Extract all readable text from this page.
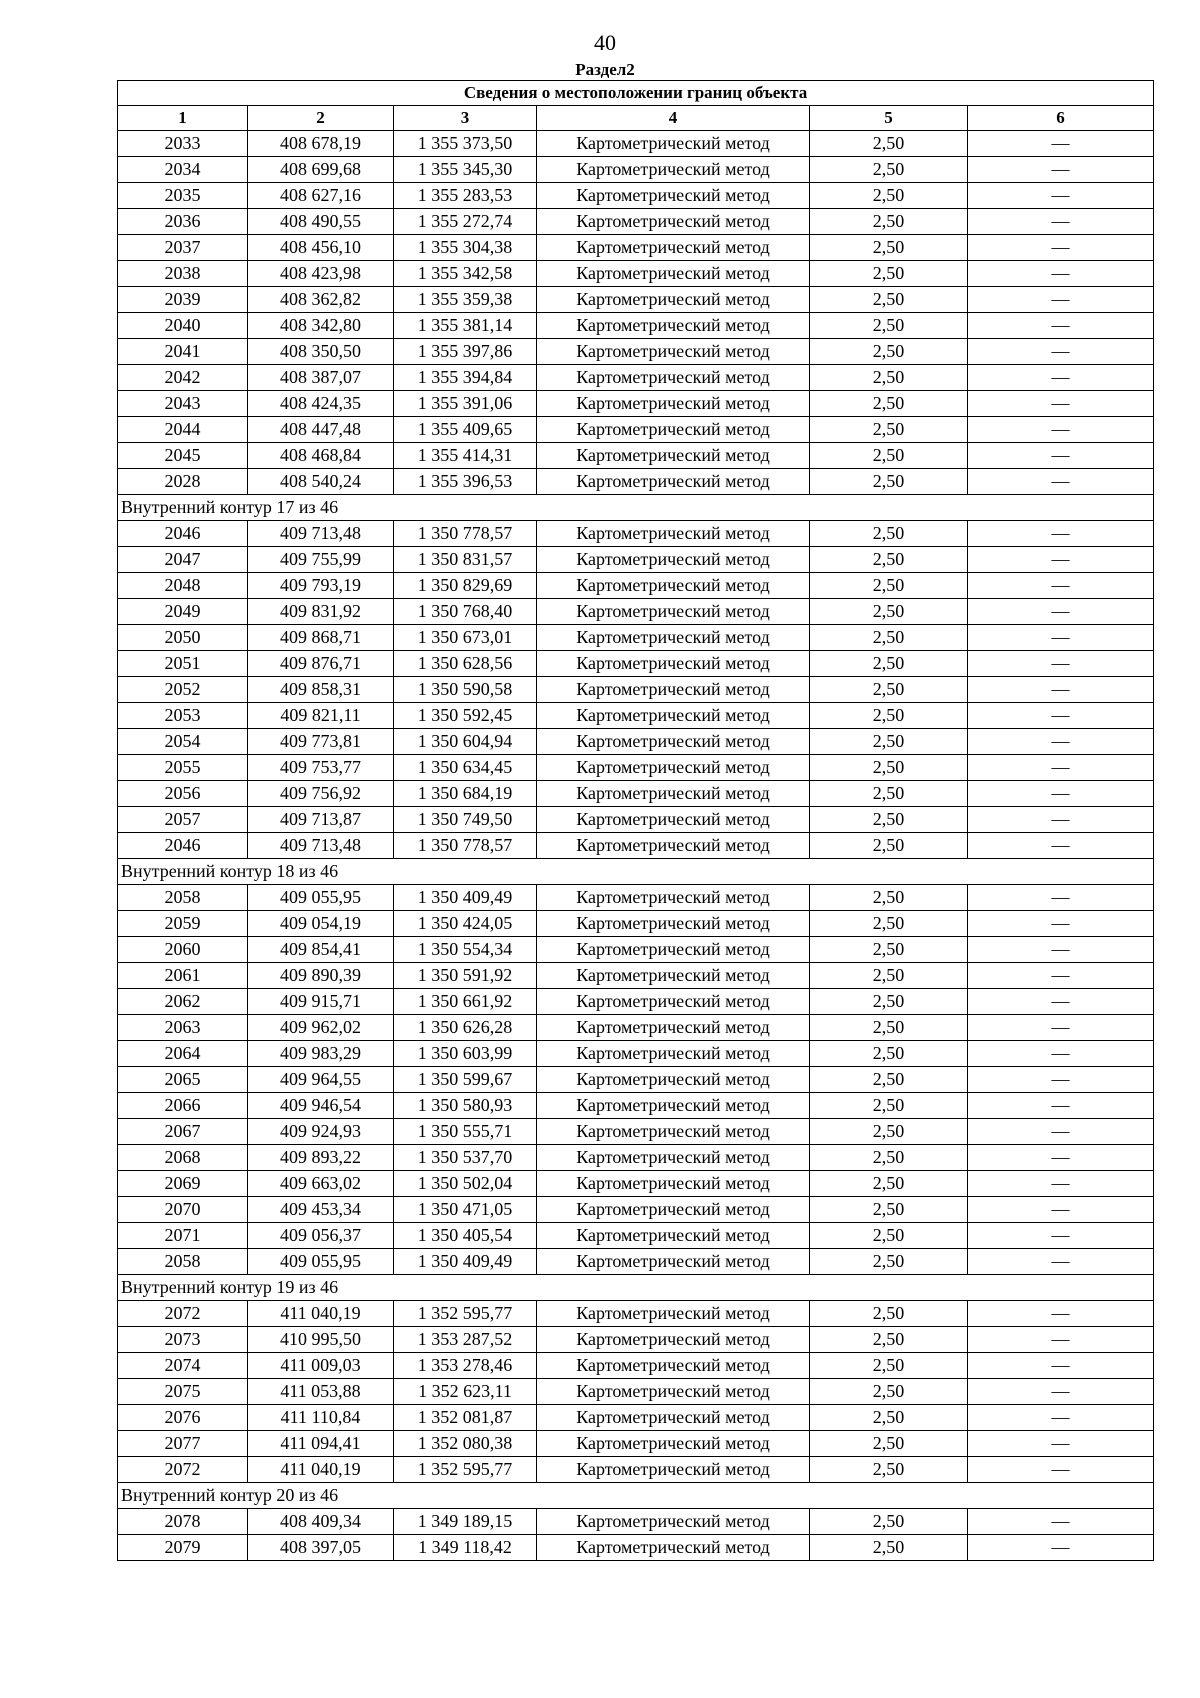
40
Раздел2
Сведения о местоположении границ объекта					
1	2	3	4	5	6
2033	408 678,19	1 355 373,50	Картометрический метод	2,50	—
2034	408 699,68	1 355 345,30	Картометрический метод	2,50	—
2035	408 627,16	1 355 283,53	Картометрический метод	2,50	—
2036	408 490,55	1 355 272,74	Картометрический метод	2,50	—
2037	408 456,10	1 355 304,38	Картометрический метод	2,50	—
2038	408 423,98	1 355 342,58	Картометрический метод	2,50	—
2039	408 362,82	1 355 359,38	Картометрический метод	2,50	—
2040	408 342,80	1 355 381,14	Картометрический метод	2,50	—
2041	408 350,50	1 355 397,86	Картометрический метод	2,50	—
2042	408 387,07	1 355 394,84	Картометрический метод	2,50	—
2043	408 424,35	1 355 391,06	Картометрический метод	2,50	—
2044	408 447,48	1 355 409,65	Картометрический метод	2,50	—
2045	408 468,84	1 355 414,31	Картометрический метод	2,50	—
2028	408 540,24	1 355 396,53	Картометрический метод	2,50	—
Внутренний контур 17 из 46					
2046	409 713,48	1 350 778,57	Картометрический метод	2,50	—
2047	409 755,99	1 350 831,57	Картометрический метод	2,50	—
2048	409 793,19	1 350 829,69	Картометрический метод	2,50	—
2049	409 831,92	1 350 768,40	Картометрический метод	2,50	—
2050	409 868,71	1 350 673,01	Картометрический метод	2,50	—
2051	409 876,71	1 350 628,56	Картометрический метод	2,50	—
2052	409 858,31	1 350 590,58	Картометрический метод	2,50	—
2053	409 821,11	1 350 592,45	Картометрический метод	2,50	—
2054	409 773,81	1 350 604,94	Картометрический метод	2,50	—
2055	409 753,77	1 350 634,45	Картометрический метод	2,50	—
2056	409 756,92	1 350 684,19	Картометрический метод	2,50	—
2057	409 713,87	1 350 749,50	Картометрический метод	2,50	—
2046	409 713,48	1 350 778,57	Картометрический метод	2,50	—
Внутренний контур 18 из 46					
2058	409 055,95	1 350 409,49	Картометрический метод	2,50	—
2059	409 054,19	1 350 424,05	Картометрический метод	2,50	—
2060	409 854,41	1 350 554,34	Картометрический метод	2,50	—
2061	409 890,39	1 350 591,92	Картометрический метод	2,50	—
2062	409 915,71	1 350 661,92	Картометрический метод	2,50	—
2063	409 962,02	1 350 626,28	Картометрический метод	2,50	—
2064	409 983,29	1 350 603,99	Картометрический метод	2,50	—
2065	409 964,55	1 350 599,67	Картометрический метод	2,50	—
2066	409 946,54	1 350 580,93	Картометрический метод	2,50	—
2067	409 924,93	1 350 555,71	Картометрический метод	2,50	—
2068	409 893,22	1 350 537,70	Картометрический метод	2,50	—
2069	409 663,02	1 350 502,04	Картометрический метод	2,50	—
2070	409 453,34	1 350 471,05	Картометрический метод	2,50	—
2071	409 056,37	1 350 405,54	Картометрический метод	2,50	—
2058	409 055,95	1 350 409,49	Картометрический метод	2,50	—
Внутренний контур 19 из 46					
2072	411 040,19	1 352 595,77	Картометрический метод	2,50	—
2073	410 995,50	1 353 287,52	Картометрический метод	2,50	—
2074	411 009,03	1 353 278,46	Картометрический метод	2,50	—
2075	411 053,88	1 352 623,11	Картометрический метод	2,50	—
2076	411 110,84	1 352 081,87	Картометрический метод	2,50	—
2077	411 094,41	1 352 080,38	Картометрический метод	2,50	—
2072	411 040,19	1 352 595,77	Картометрический метод	2,50	—
Внутренний контур 20 из 46					
2078	408 409,34	1 349 189,15	Картометрический метод	2,50	—
2079	408 397,05	1 349 118,42	Картометрический метод	2,50	—
